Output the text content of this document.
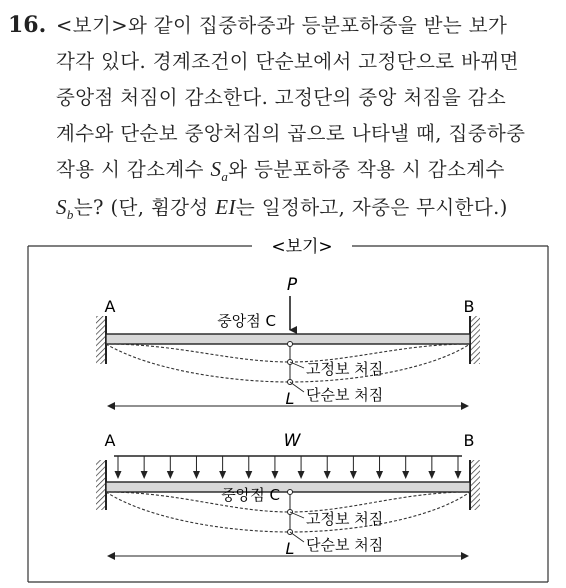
16. <보기>와 같이 집중하중과 등분포하중을 받는 보가
각각 있다. 경계조건이 단순보에서 고정단으로 바뀌면
중앙점 처짐이 감소한다. 고정단의 중앙 처짐을 감소
계수와 단순보 중앙처짐의 곱으로 나타낼 때, 집중하중
작용 시 감소계수 $S_a$와 등분포하중 작용 시 감소계수
$S_b$는? (단, 휨강성 EI는 일정하고, 자중은 무시한다.)
<보기>
A	B
P
중앙점 C
고정보 처짐
L 단순보 처짐
A	B
W
중앙점 C
고정보 처짐
L 단순보 처짐
